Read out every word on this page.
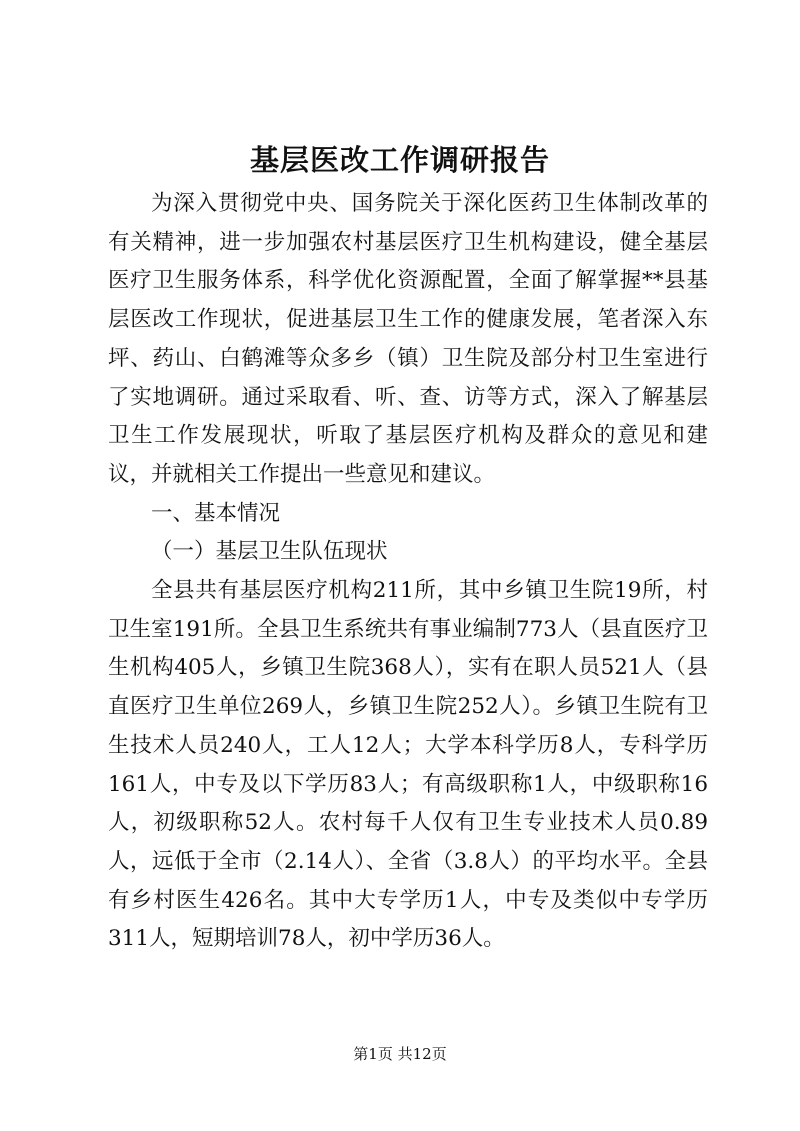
基层医改工作调研报告

为深入贯彻党中央、国务院关于深化医药卫生体制改革的有关精神，进一步加强农村基层医疗卫生机构建设，健全基层医疗卫生服务体系，科学优化资源配置，全面了解掌握**县基层医改工作现状，促进基层卫生工作的健康发展，笔者深入东坪、药山、白鹤滩等众多乡（镇）卫生院及部分村卫生室进行了实地调研。通过采取看、听、查、访等方式，深入了解基层卫生工作发展现状，听取了基层医疗机构及群众的意见和建议，并就相关工作提出一些意见和建议。

一、基本情况

（一）基层卫生队伍现状

全县共有基层医疗机构211所，其中乡镇卫生院19所，村卫生室191所。全县卫生系统共有事业编制773人（县直医疗卫生机构405人，乡镇卫生院368人），实有在职人员521人（县直医疗卫生单位269人，乡镇卫生院252人）。乡镇卫生院有卫生技术人员240人，工人12人；大学本科学历8人，专科学历161人，中专及以下学历83人；有高级职称1人，中级职称16人，初级职称52人。农村每千人仅有卫生专业技术人员0.89人，远低于全市（2.14人）、全省（3.8人）的平均水平。全县有乡村医生426名。其中大专学历1人，中专及类似中专学历311人，短期培训78人，初中学历36人。

第1页 共12页
